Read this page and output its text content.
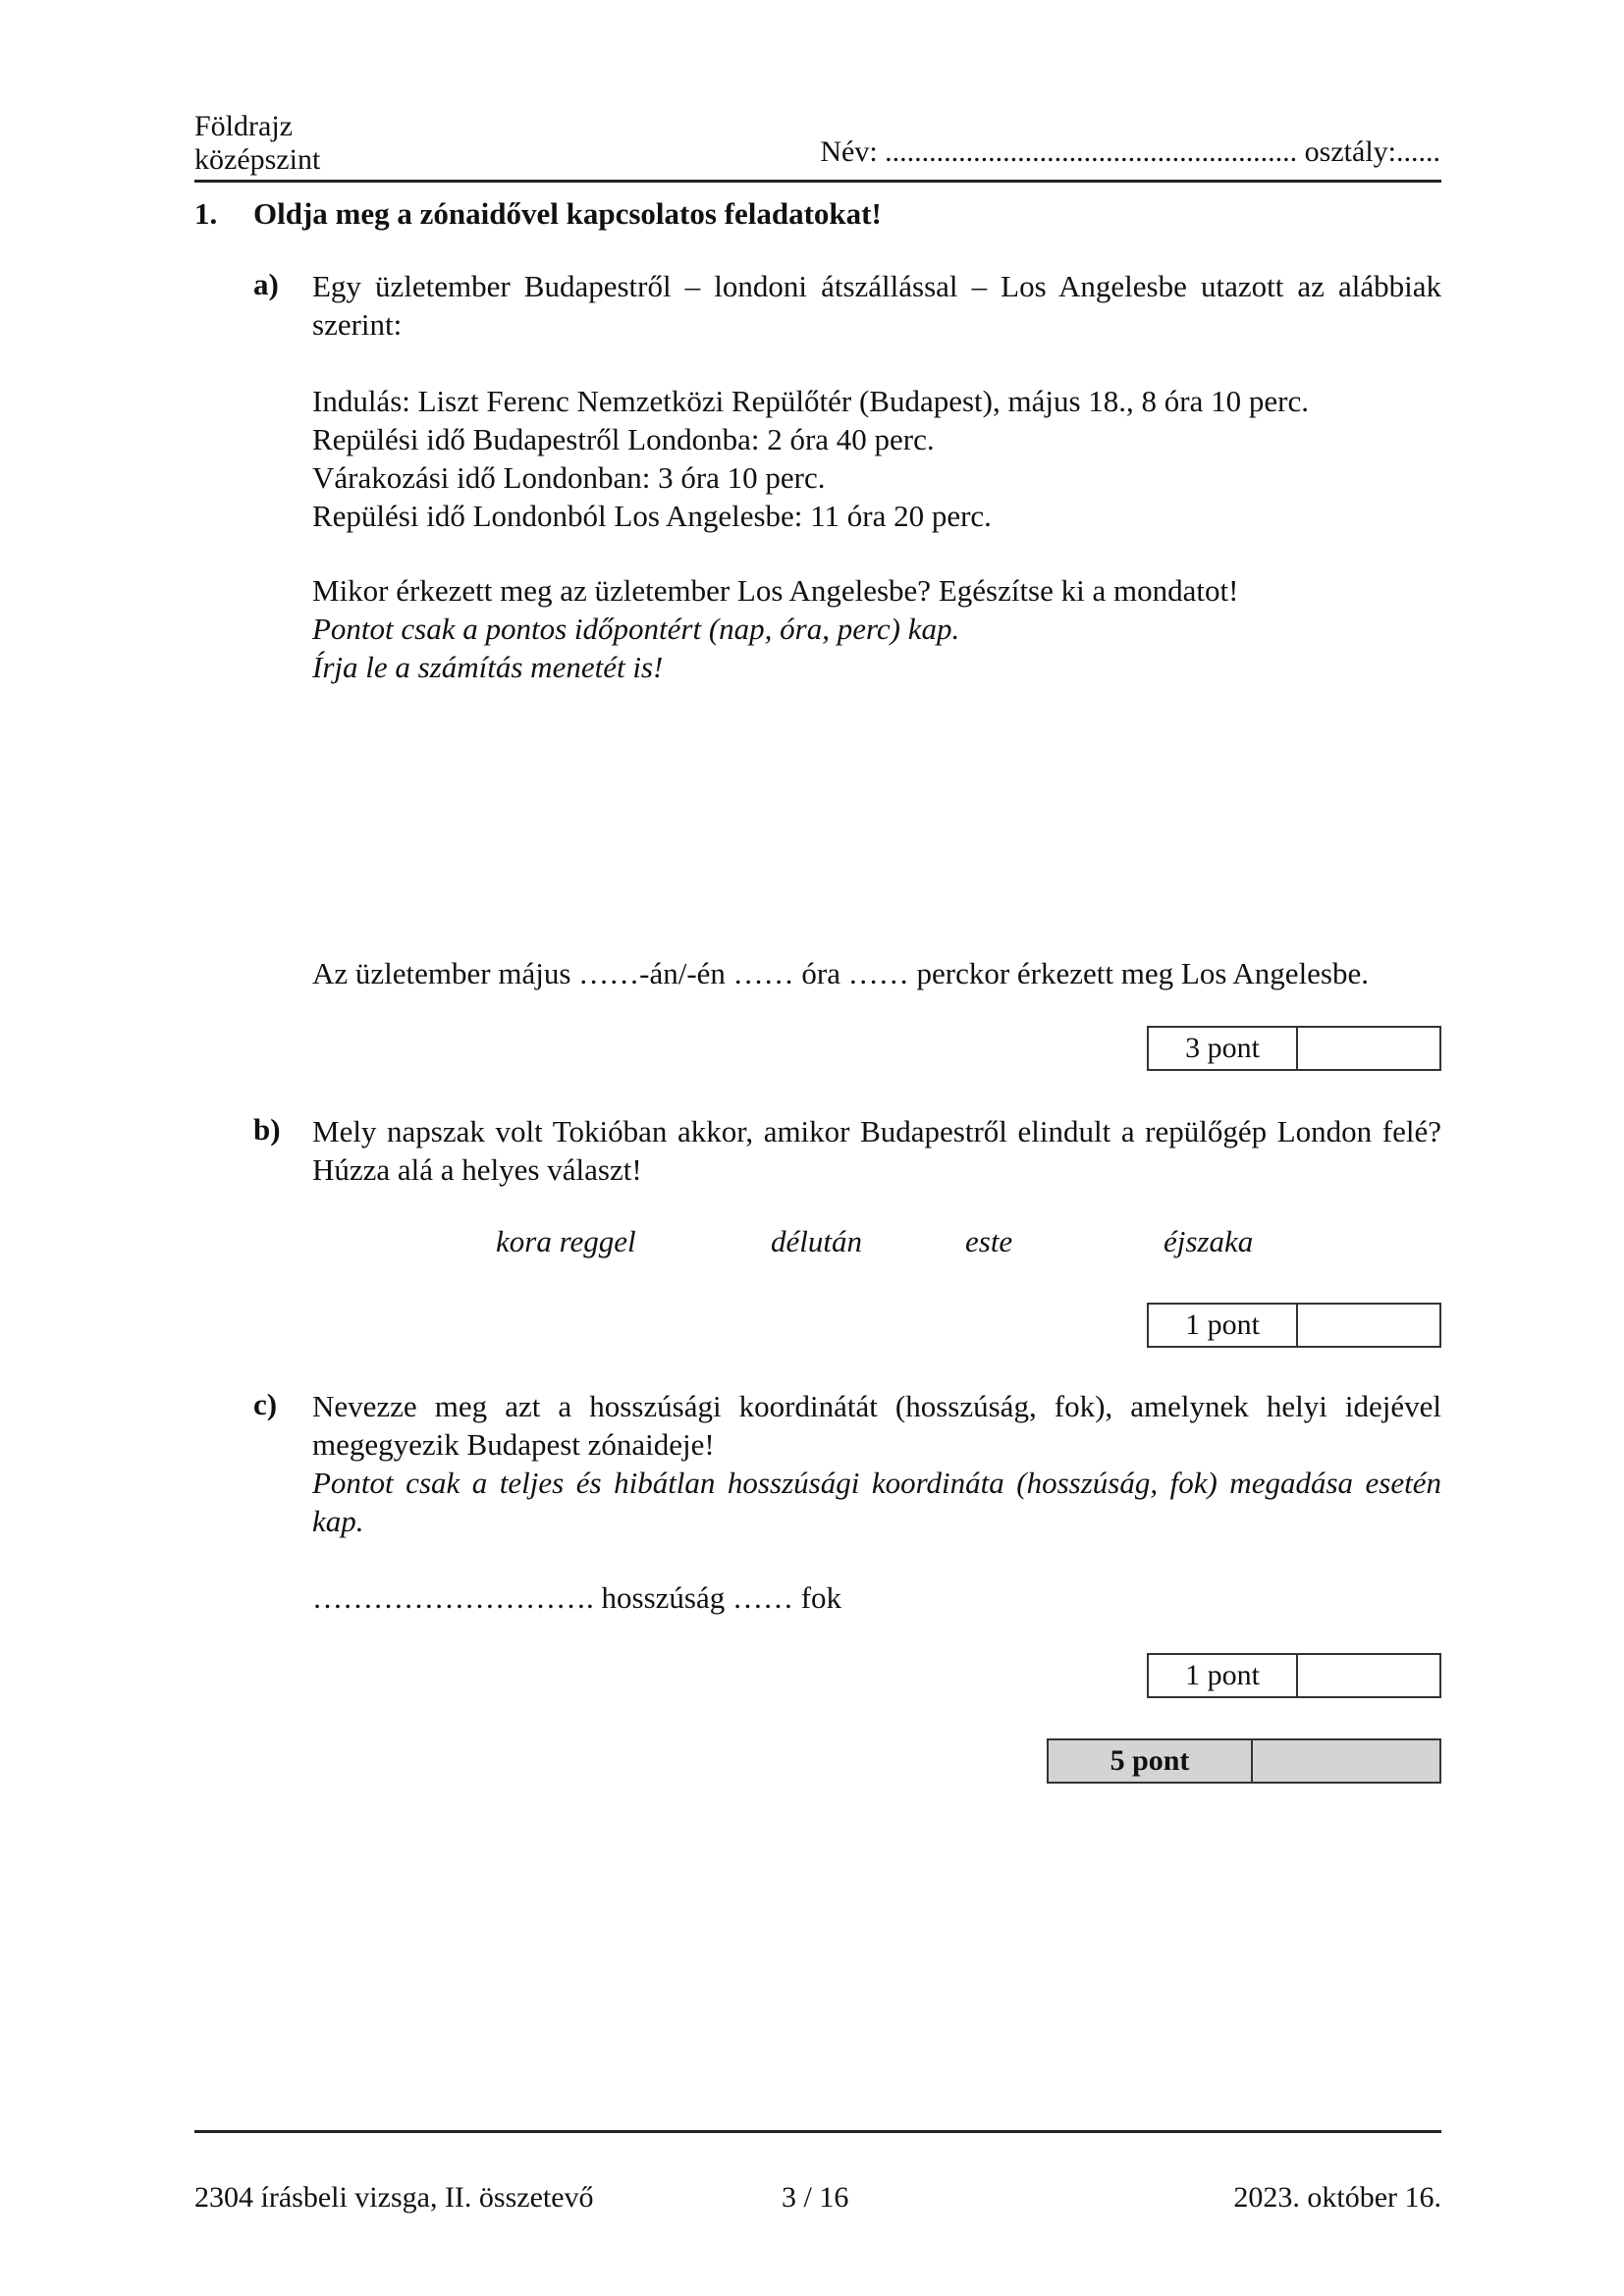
Földrajz
középszint	Név: ........................................................ osztály:......
1. Oldja meg a zónaidővel kapcsolatos feladatokat!
a) Egy üzletember Budapestről – londoni átszállással – Los Angelesbe utazott az alábbiak szerint:
Indulás: Liszt Ferenc Nemzetközi Repülőtér (Budapest), május 18., 8 óra 10 perc.
Repülési idő Budapestről Londonba: 2 óra 40 perc.
Várakozási idő Londonban: 3 óra 10 perc.
Repülési idő Londonból Los Angelesbe: 11 óra 20 perc.
Mikor érkezett meg az üzletember Los Angelesbe? Egészítse ki a mondatot!
Pontot csak a pontos időpontért (nap, óra, perc) kap.
Írja le a számítás menetét is!
Az üzletember május ……-án/-én …… óra …… perckor érkezett meg Los Angelesbe.
3 pont
b) Mely napszak volt Tokióban akkor, amikor Budapestről elindult a repülőgép London felé? Húzza alá a helyes választ!
kora reggel	délután	este	éjszaka
1 pont
c) Nevezze meg azt a hosszúsági koordinátát (hosszúság, fok), amelynek helyi idejével megegyezik Budapest zónaideje!
Pontot csak a teljes és hibátlan hosszúsági koordináta (hosszúság, fok) megadása esetén kap.
………………………. hosszúság …… fok
1 pont
5 pont
2304 írásbeli vizsga, II. összetevő	3 / 16	2023. október 16.
